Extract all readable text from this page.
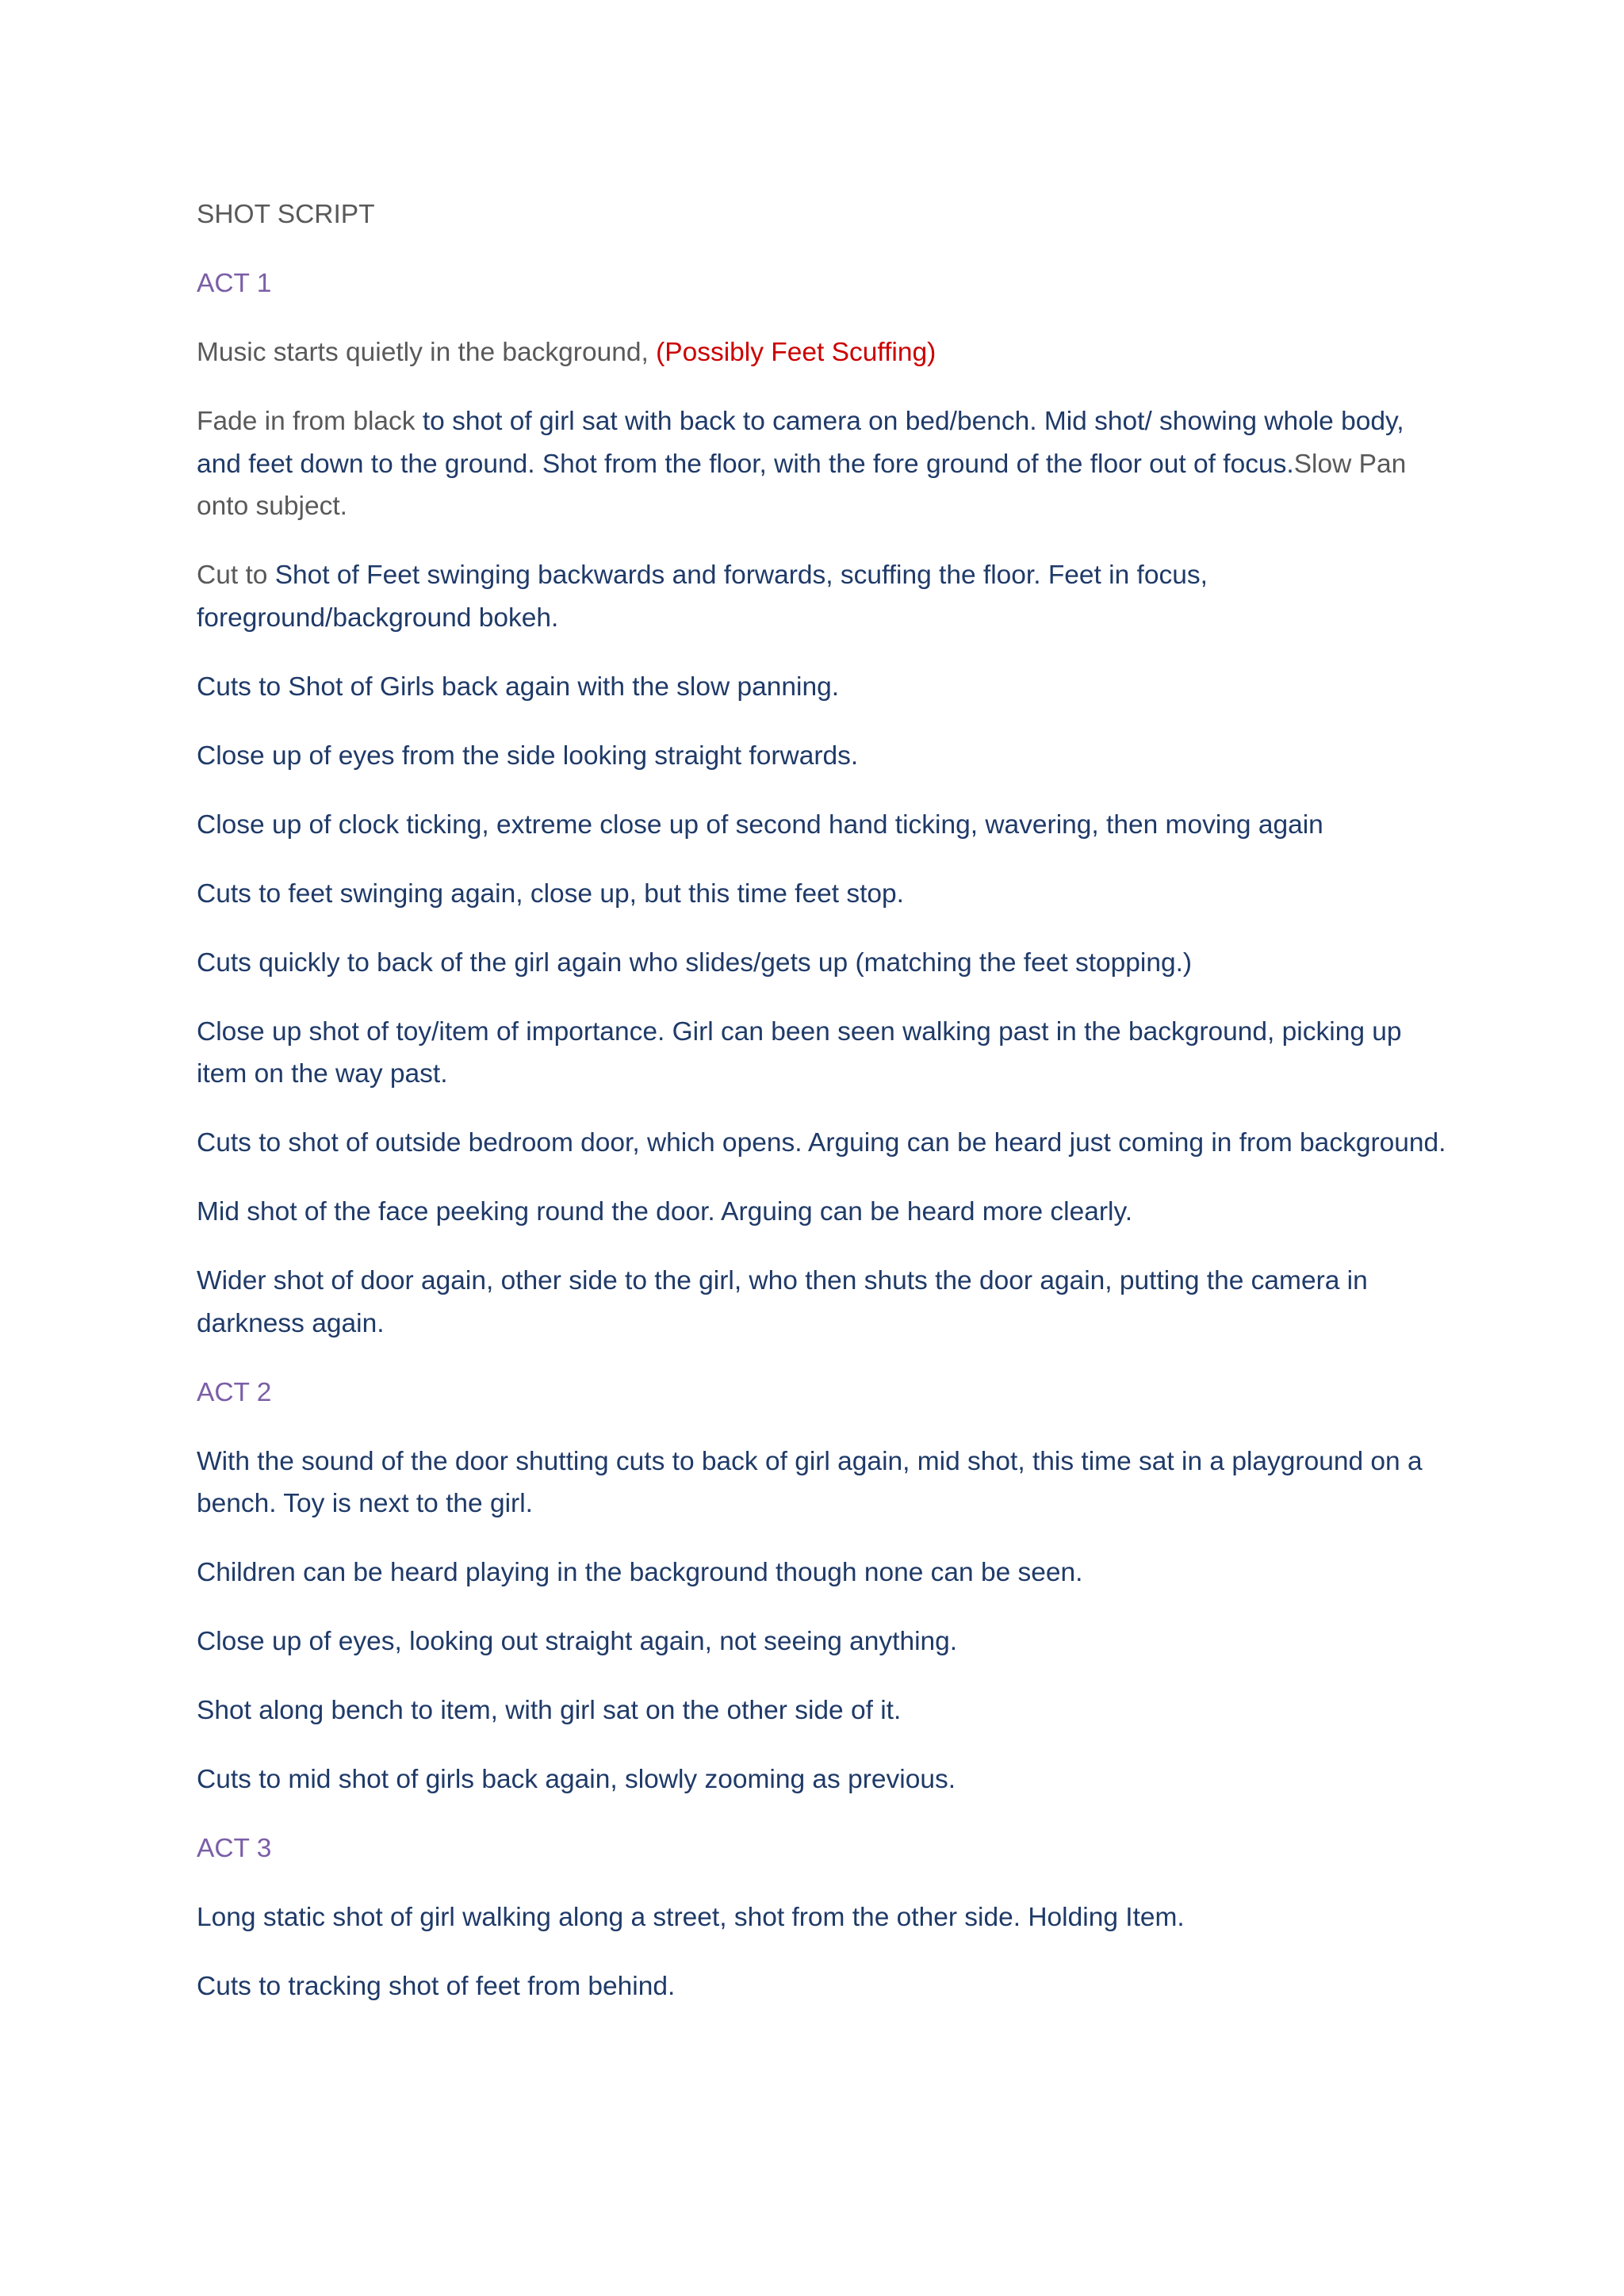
SHOT SCRIPT

ACT 1

Music starts quietly in the background, (Possibly Feet Scuffing)

Fade in from black to shot of girl sat with back to camera on bed/bench. Mid shot/ showing whole body, and feet down to the ground. Shot from the floor, with the fore ground of the floor out of focus.Slow Pan onto subject.

Cut to Shot of Feet swinging backwards and forwards, scuffing the floor. Feet in focus, foreground/background bokeh.

Cuts to Shot of Girls back again with the slow panning.

Close up of eyes from the side looking straight forwards.

Close up of clock ticking, extreme close up of second hand ticking, wavering, then moving again

Cuts to feet swinging again, close up, but this time feet stop.

Cuts quickly to back of the girl again who slides/gets up (matching the feet stopping.)

Close up shot of toy/item of importance. Girl can been seen walking past in the background, picking up item on the way past.

Cuts to shot of outside bedroom door, which opens. Arguing can be heard just coming in from background.

Mid shot of the face peeking round the door. Arguing can be heard more clearly.

Wider shot of door again, other side to the girl, who then shuts the door again, putting the camera in darkness again.

ACT 2

With the sound of the door shutting cuts to back of girl again, mid shot, this time sat in a playground on a bench. Toy is next to the girl.

Children can be heard playing in the background though none can be seen.

Close up of eyes, looking out straight again, not seeing anything.

Shot along bench to item, with girl sat on the other side of it.

Cuts to mid shot of girls back again, slowly zooming as previous.

ACT 3

Long static shot of girl walking along a street, shot from the other side. Holding Item.

Cuts to tracking shot of feet from behind.
